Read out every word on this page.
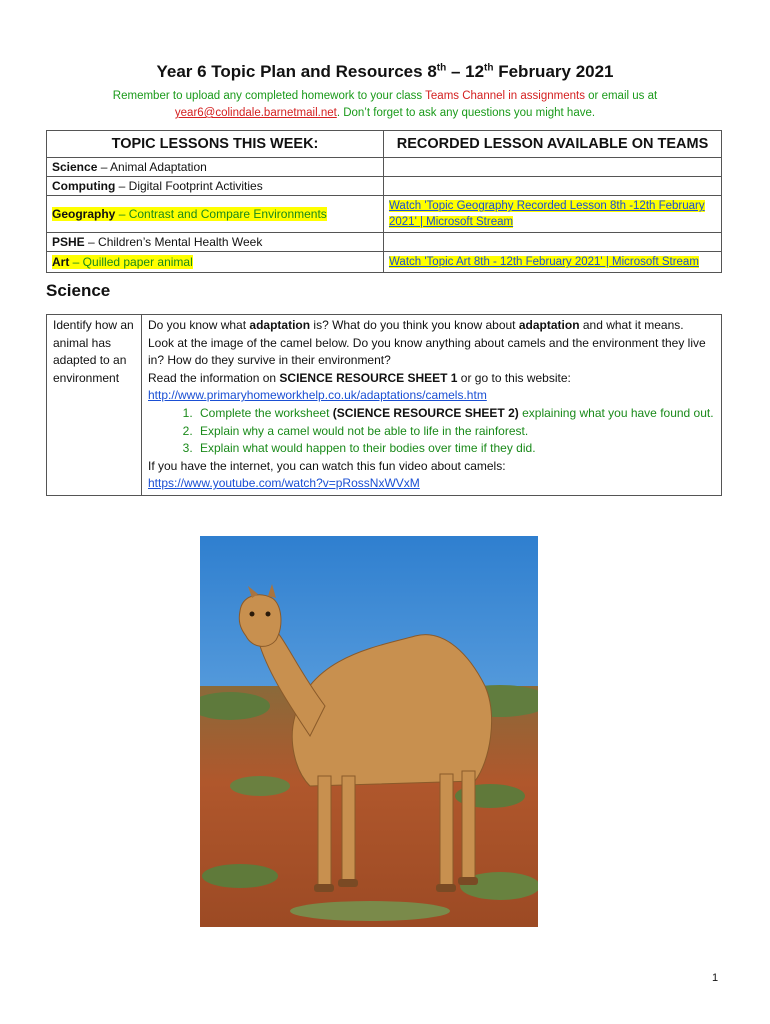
Year 6 Topic Plan and Resources 8th – 12th February 2021
Remember to upload any completed homework to your class Teams Channel in assignments or email us at
year6@colindale.barnetmail.net. Don’t forget to ask any questions you might have.
TOPIC LESSONS THIS WEEK:	RECORDED LESSON AVAILABLE ON TEAMS
Science – Animal Adaptation	
Computing – Digital Footprint Activities	
Geography – Contrast and Compare Environments	Watch 'Topic Geography Recorded Lesson 8th -12th February 2021' | Microsoft Stream
PSHE – Children’s Mental Health Week	
Art – Quilled paper animal	Watch 'Topic Art 8th - 12th February 2021' | Microsoft Stream
Science
Identify how an animal has adapted to an environment	
Do you know what adaptation is? What do you think you know about adaptation and what it means.
Look at the image of the camel below. Do you know anything about camels and the environment they live in? How do they survive in their environment?
Read the information on SCIENCE RESOURCE SHEET 1 or go to this website:
http://www.primaryhomeworkhelp.co.uk/adaptations/camels.htm
1. Complete the worksheet (SCIENCE RESOURCE SHEET 2) explaining what you have found out.
2. Explain why a camel would not be able to life in the rainforest.
3. Explain what would happen to their bodies over time if they did.
If you have the internet, you can watch this fun video about camels:
https://www.youtube.com/watch?v=pRossNxWVxM
1
